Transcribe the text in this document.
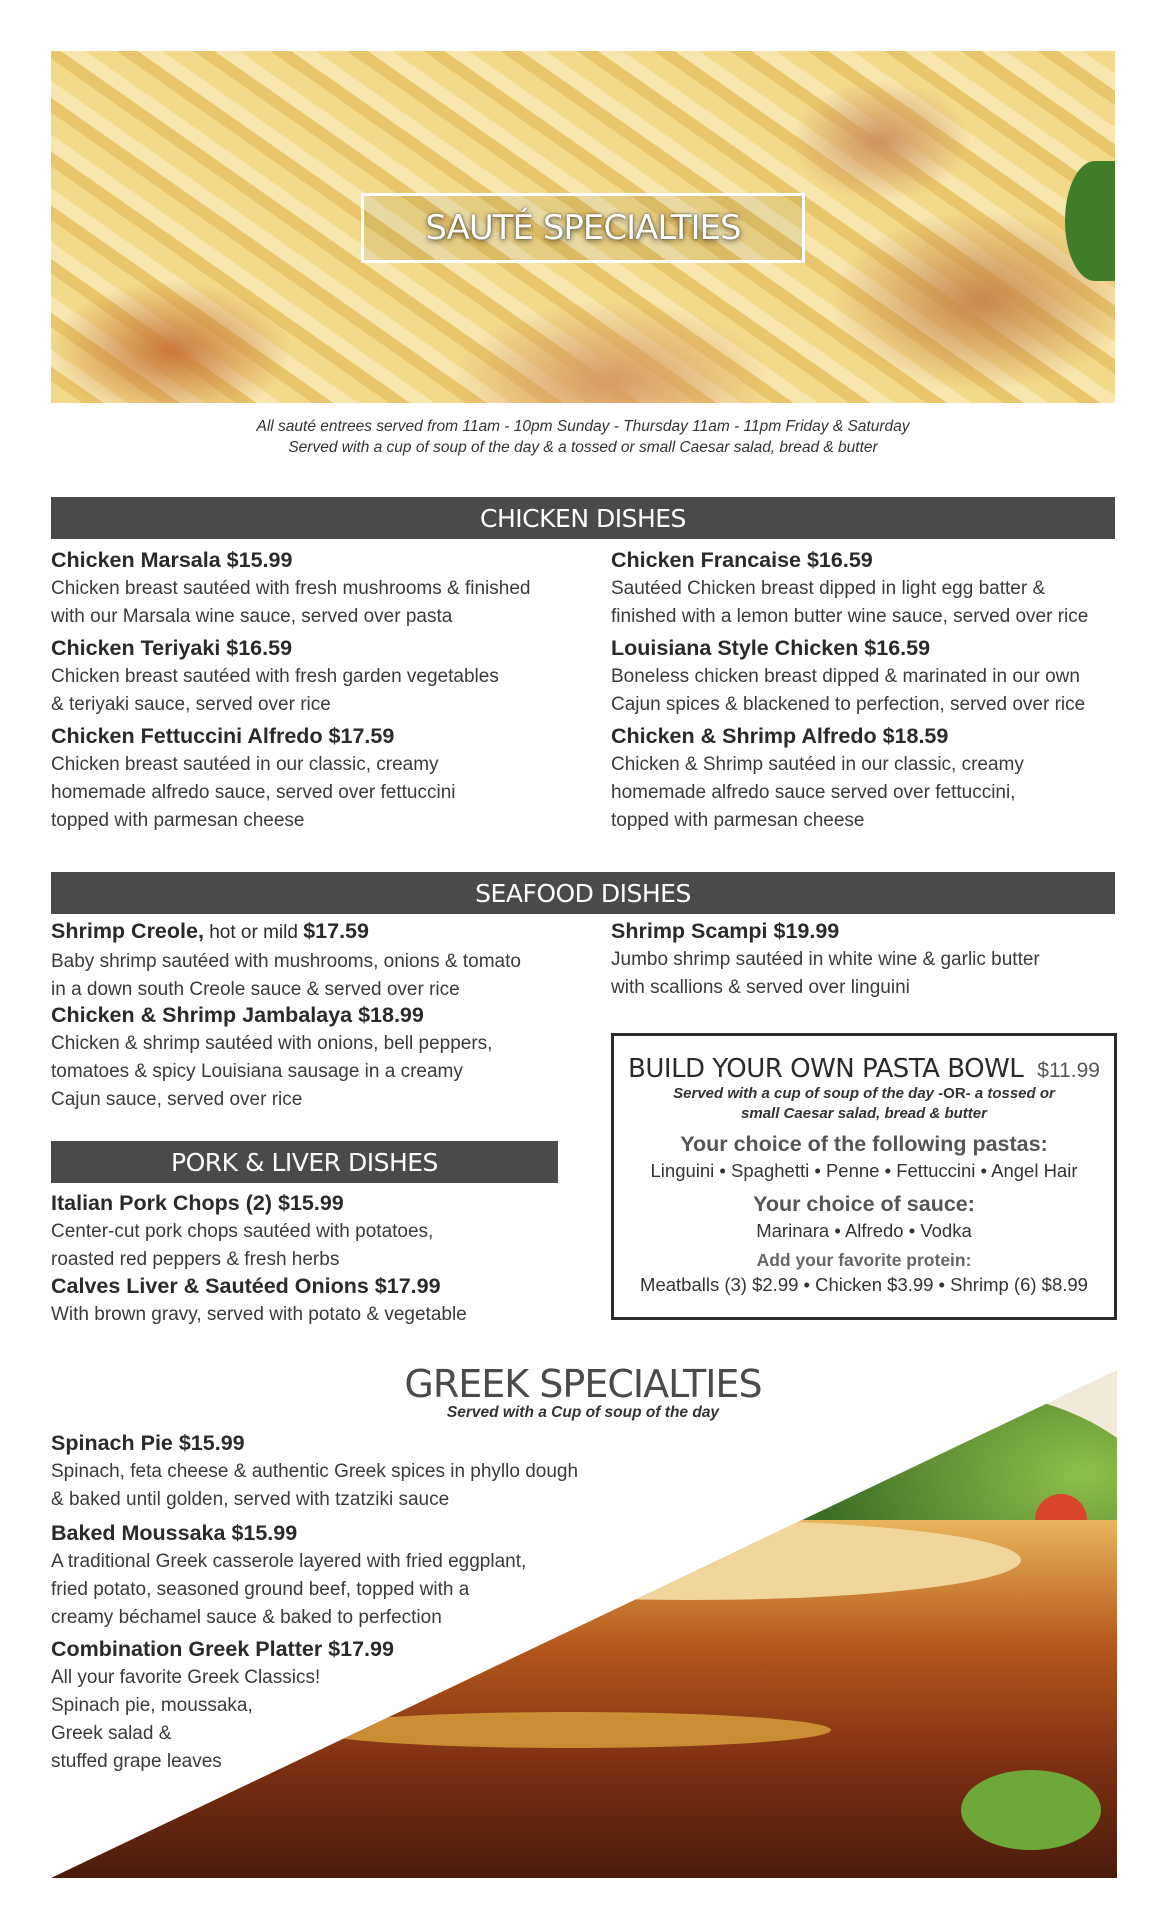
SAUTÉ SPECIALTIES
All sauté entrees served from 11am - 10pm Sunday - Thursday 11am - 11pm Friday & Saturday
Served with a cup of soup of the day & a tossed or small Caesar salad, bread & butter
CHICKEN DISHES
Chicken Marsala $15.99
Chicken breast sautéed with fresh mushrooms & finished
with our Marsala wine sauce, served over pasta
Chicken Teriyaki $16.59
Chicken breast sautéed with fresh garden vegetables
& teriyaki sauce, served over rice
Chicken Fettuccini Alfredo $17.59
Chicken breast sautéed in our classic, creamy
homemade alfredo sauce, served over fettuccini
topped with parmesan cheese
Chicken Francaise $16.59
Sautéed Chicken breast dipped in light egg batter &
finished with a lemon butter wine sauce, served over rice
Louisiana Style Chicken $16.59
Boneless chicken breast dipped & marinated in our own
Cajun spices & blackened to perfection, served over rice
Chicken & Shrimp Alfredo $18.59
Chicken & Shrimp sautéed in our classic, creamy
homemade alfredo sauce served over fettuccini,
topped with parmesan cheese
SEAFOOD DISHES
Shrimp Creole, hot or mild $17.59
Baby shrimp sautéed with mushrooms, onions & tomato
in a down south Creole sauce & served over rice
Chicken & Shrimp Jambalaya $18.99
Chicken & shrimp sautéed with onions, bell peppers,
tomatoes & spicy Louisiana sausage in a creamy
Cajun sauce, served over rice
Shrimp Scampi $19.99
Jumbo shrimp sautéed in white wine & garlic butter
with scallions & served over linguini
PORK & LIVER DISHES
Italian Pork Chops (2) $15.99
Center-cut pork chops sautéed with potatoes,
roasted red peppers & fresh herbs
Calves Liver & Sautéed Onions $17.99
With brown gravy, served with potato & vegetable
BUILD YOUR OWN PASTA BOWL $11.99
Served with a cup of soup of the day -OR- a tossed or
small Caesar salad, bread & butter
Your choice of the following pastas:
Linguini • Spaghetti • Penne • Fettuccini • Angel Hair
Your choice of sauce:
Marinara • Alfredo • Vodka
Add your favorite protein:
Meatballs (3) $2.99 • Chicken $3.99 • Shrimp (6) $8.99
GREEK SPECIALTIES
Served with a Cup of soup of the day
Spinach Pie $15.99
Spinach, feta cheese & authentic Greek spices in phyllo dough
& baked until golden, served with tzatziki sauce
Baked Moussaka $15.99
A traditional Greek casserole layered with fried eggplant,
fried potato, seasoned ground beef, topped with a
creamy béchamel sauce & baked to perfection
Combination Greek Platter $17.99
All your favorite Greek Classics!
Spinach pie, moussaka,
Greek salad &
stuffed grape leaves
